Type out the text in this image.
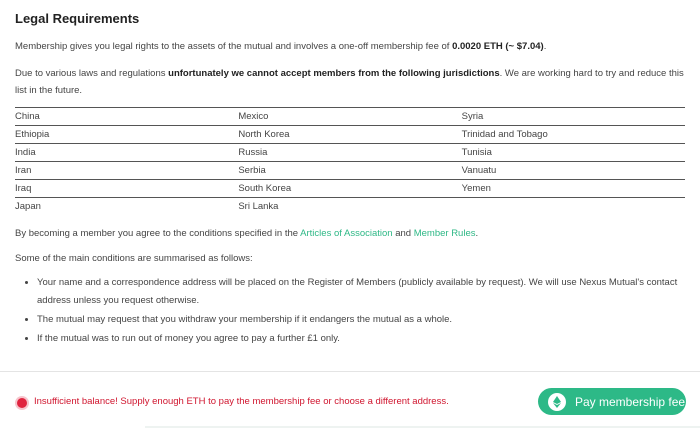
Legal Requirements

Membership gives you legal rights to the assets of the mutual and involves a one-off membership fee of 0.0020 ETH (~ $7.04).

Due to various laws and regulations unfortunately we cannot accept members from the following jurisdictions. We are working hard to try and reduce this list in the future.

China	Mexico	Syria
Ethiopia	North Korea	Trinidad and Tobago
India	Russia	Tunisia
Iran	Serbia	Vanuatu
Iraq	South Korea	Yemen
Japan	Sri Lanka	

By becoming a member you agree to the conditions specified in the Articles of Association and Member Rules.

Some of the main conditions are summarised as follows:

• Your name and a correspondence address will be placed on the Register of Members (publicly available by request). We will use Nexus Mutual's contact address unless you request otherwise.
• The mutual may request that you withdraw your membership if it endangers the mutual as a whole.
• If the mutual was to run out of money you agree to pay a further £1 only.
Insufficient balance! Supply enough ETH to pay the membership fee or choose a different address.	Pay membership fee
